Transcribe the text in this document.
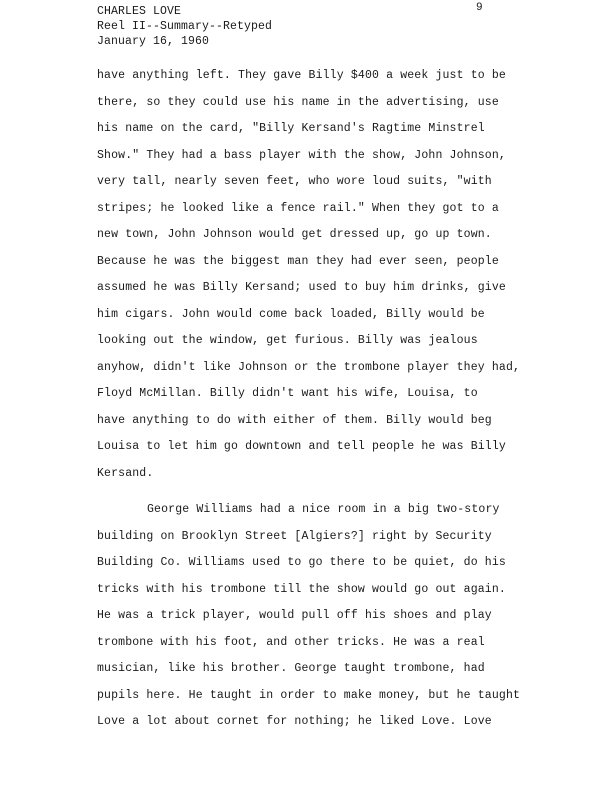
CHARLES LOVE
Reel II--Summary--Retyped
January 16, 1960
9
have anything left. They gave Billy $400 a week just to be
there, so they could use his name in the advertising, use
his name on the card, "Billy Kersand's Ragtime Minstrel
Show." They had a bass player with the show, John Johnson,
very tall, nearly seven feet, who wore loud suits, "with
stripes; he looked like a fence rail." When they got to a
new town, John Johnson would get dressed up, go up town.
Because he was the biggest man they had ever seen, people
assumed he was Billy Kersand; used to buy him drinks, give
him cigars. John would come back loaded, Billy would be
looking out the window, get furious. Billy was jealous
anyhow, didn't like Johnson or the trombone player they had,
Floyd McMillan. Billy didn't want his wife, Louisa, to
have anything to do with either of them. Billy would beg
Louisa to let him go downtown and tell people he was Billy
Kersand.
George Williams had a nice room in a big two-story
building on Brooklyn Street [Algiers?] right by Security
Building Co. Williams used to go there to be quiet, do his
tricks with his trombone till the show would go out again.
He was a trick player, would pull off his shoes and play
trombone with his foot, and other tricks. He was a real
musician, like his brother. George taught trombone, had
pupils here. He taught in order to make money, but he taught
Love a lot about cornet for nothing; he liked Love. Love
